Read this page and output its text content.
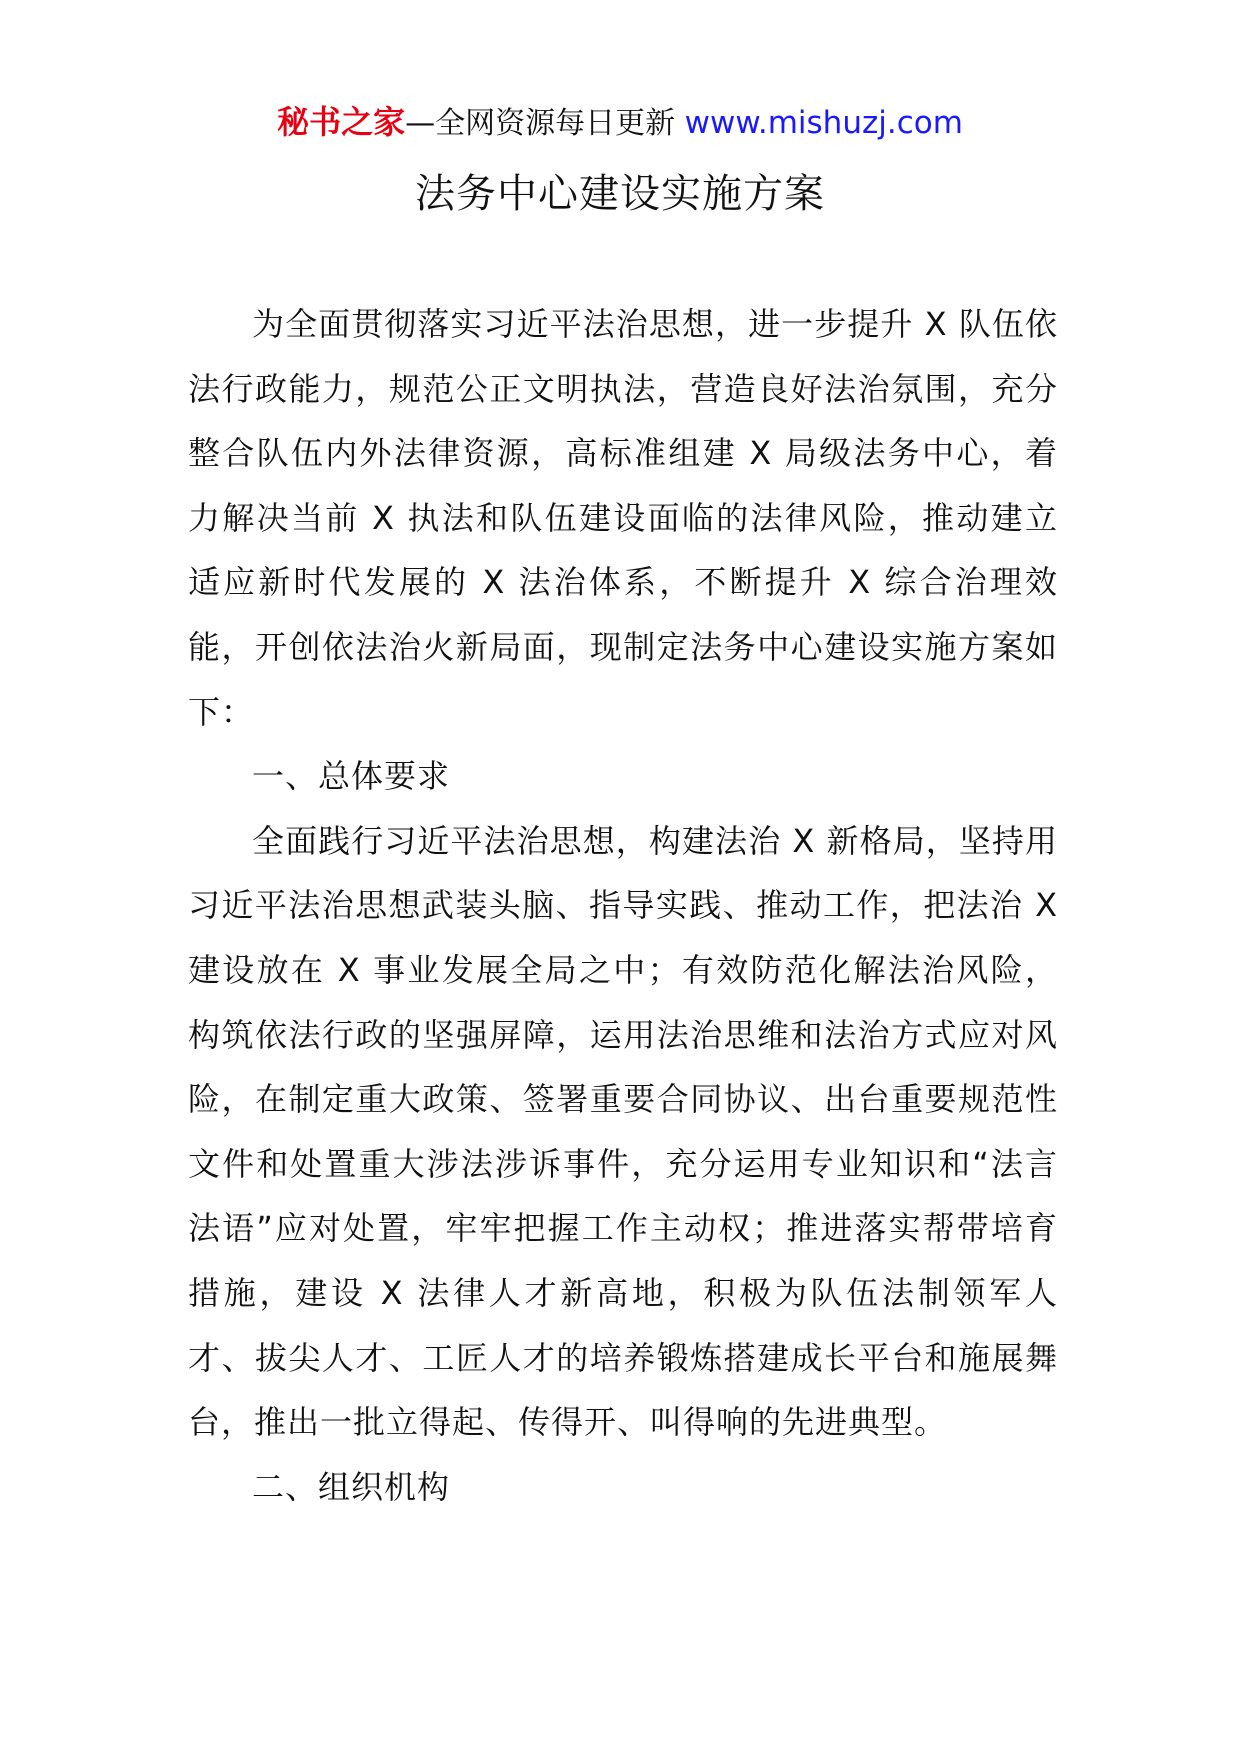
秘书之家—全网资源每日更新 www.mishuzj.com
法务中心建设实施方案

为全面贯彻落实习近平法治思想，进一步提升 X 队伍依法行政能力，规范公正文明执法，营造良好法治氛围，充分整合队伍内外法律资源，高标准组建 X 局级法务中心，着力解决当前 X 执法和队伍建设面临的法律风险，推动建立适应新时代发展的 X 法治体系，不断提升 X 综合治理效能，开创依法治火新局面，现制定法务中心建设实施方案如下：

一、总体要求

全面践行习近平法治思想，构建法治 X 新格局，坚持用习近平法治思想武装头脑、指导实践、推动工作，把法治 X 建设放在 X 事业发展全局之中；有效防范化解法治风险，构筑依法行政的坚强屏障，运用法治思维和法治方式应对风险，在制定重大政策、签署重要合同协议、出台重要规范性文件和处置重大涉法涉诉事件，充分运用专业知识和“法言法语”应对处置，牢牢把握工作主动权；推进落实帮带培育措施，建设 X 法律人才新高地，积极为队伍法制领军人才、拔尖人才、工匠人才的培养锻炼搭建成长平台和施展舞台，推出一批立得起、传得开、叫得响的先进典型。

二、组织机构
